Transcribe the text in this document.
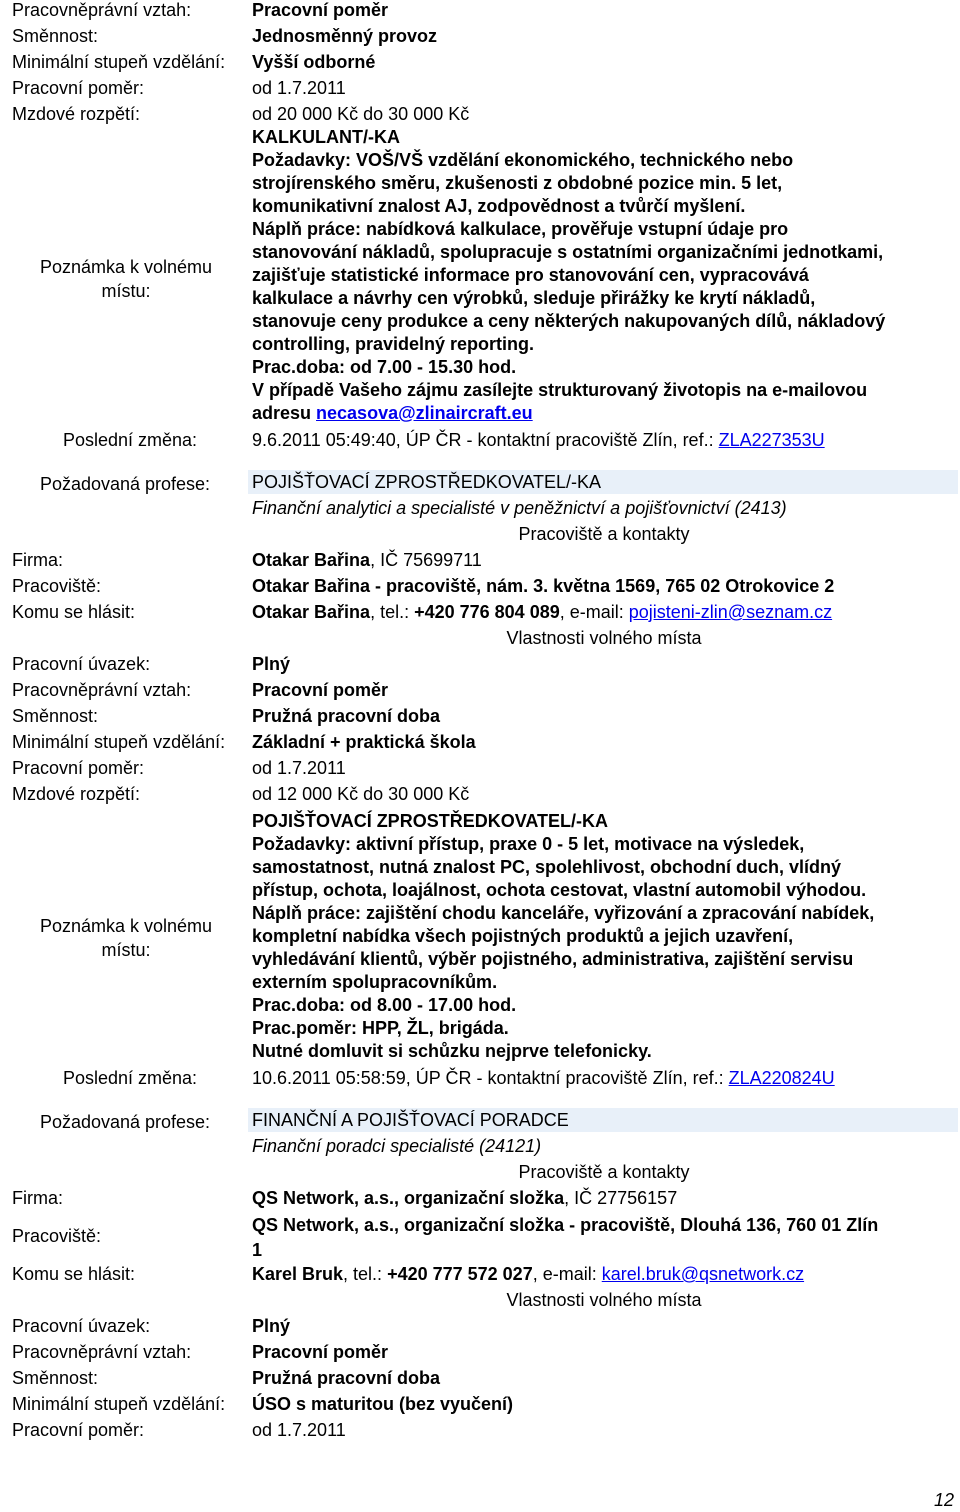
Pracovněprávní vztah:	Pracovní poměr
Směnnost:	Jednosměnný provoz
Minimální stupeň vzdělání: Vyšší odborné
Pracovní poměr:	od 1.7.2011
Mzdové rozpětí:	od 20 000 Kč do 30 000 Kč
Poznámka k volnému
místu:
KALKULANT/-KA
Požadavky: VOŠ/VŠ vzdělání ekonomického, technického nebo
strojírenského směru, zkušenosti z obdobné pozice min. 5 let,
komunikativní znalost AJ, zodpovědnost a tvůrčí myšlení.
Náplň práce: nabídková kalkulace, prověřuje vstupní údaje pro
stanovování nákladů, spolupracuje s ostatními organizačními jednotkami,
zajišťuje statistické informace pro stanovování cen, vypracovává
kalkulace a návrhy cen výrobků, sleduje přirážky ke krytí nákladů,
stanovuje ceny produkce a ceny některých nakupovaných dílů, nákladový
controlling, pravidelný reporting.
Prac.doba: od 7.00 - 15.30 hod.
V případě Vašeho zájmu zasílejte strukturovaný životopis na e-mailovou
adresu necasova@zlinaircraft.eu
Poslední změna:	9.6.2011 05:49:40, ÚP ČR - kontaktní pracoviště Zlín, ref.: ZLA227353U
Požadovaná profese:	POJIŠŤOVACÍ ZPROSTŘEDKOVATEL/-KA
Finanční analytici a specialisté v peněžnictví a pojišťovnictví (2413)
Pracoviště a kontakty
Firma:	Otakar Bařina, IČ 75699711
Pracoviště:	Otakar Bařina - pracoviště, nám. 3. května 1569, 765 02 Otrokovice 2
Komu se hlásit:	Otakar Bařina, tel.: +420 776 804 089, e-mail: pojisteni-zlin@seznam.cz
Vlastnosti volného místa
Pracovní úvazek:	Plný
Pracovněprávní vztah:	Pracovní poměr
Směnnost:	Pružná pracovní doba
Minimální stupeň vzdělání: Základní + praktická škola
Pracovní poměr:	od 1.7.2011
Mzdové rozpětí:	od 12 000 Kč do 30 000 Kč
Poznámka k volnému
místu:
POJIŠŤOVACÍ ZPROSTŘEDKOVATEL/-KA
Požadavky: aktivní přístup, praxe 0 - 5 let, motivace na výsledek,
samostatnost, nutná znalost PC, spolehlivost, obchodní duch, vlídný
přístup, ochota, loajálnost, ochota cestovat, vlastní automobil výhodou.
Náplň práce: zajištění chodu kanceláře, vyřizování a zpracování nabídek,
kompletní nabídka všech pojistných produktů a jejich uzavření,
vyhledávání klientů, výběr pojistného, administrativa, zajištění servisu
externím spolupracovníkům.
Prac.doba: od 8.00 - 17.00 hod.
Prac.poměr: HPP, ŽL, brigáda.
Nutné domluvit si schůzku nejprve telefonicky.
Poslední změna:	10.6.2011 05:58:59, ÚP ČR - kontaktní pracoviště Zlín, ref.: ZLA220824U
Požadovaná profese:	FINANČNÍ A POJIŠŤOVACÍ PORADCE
Finanční poradci specialisté (24121)
Pracoviště a kontakty
Firma:	QS Network, a.s., organizační složka, IČ 27756157
Pracoviště:
QS Network, a.s., organizační složka - pracoviště, Dlouhá 136, 760 01 Zlín
1
Komu se hlásit:	Karel Bruk, tel.: +420 777 572 027, e-mail: karel.bruk@qsnetwork.cz
Vlastnosti volného místa
Pracovní úvazek:	Plný
Pracovněprávní vztah:	Pracovní poměr
Směnnost:	Pružná pracovní doba
Minimální stupeň vzdělání: ÚSO s maturitou (bez vyučení)
Pracovní poměr:	od 1.7.2011
12
